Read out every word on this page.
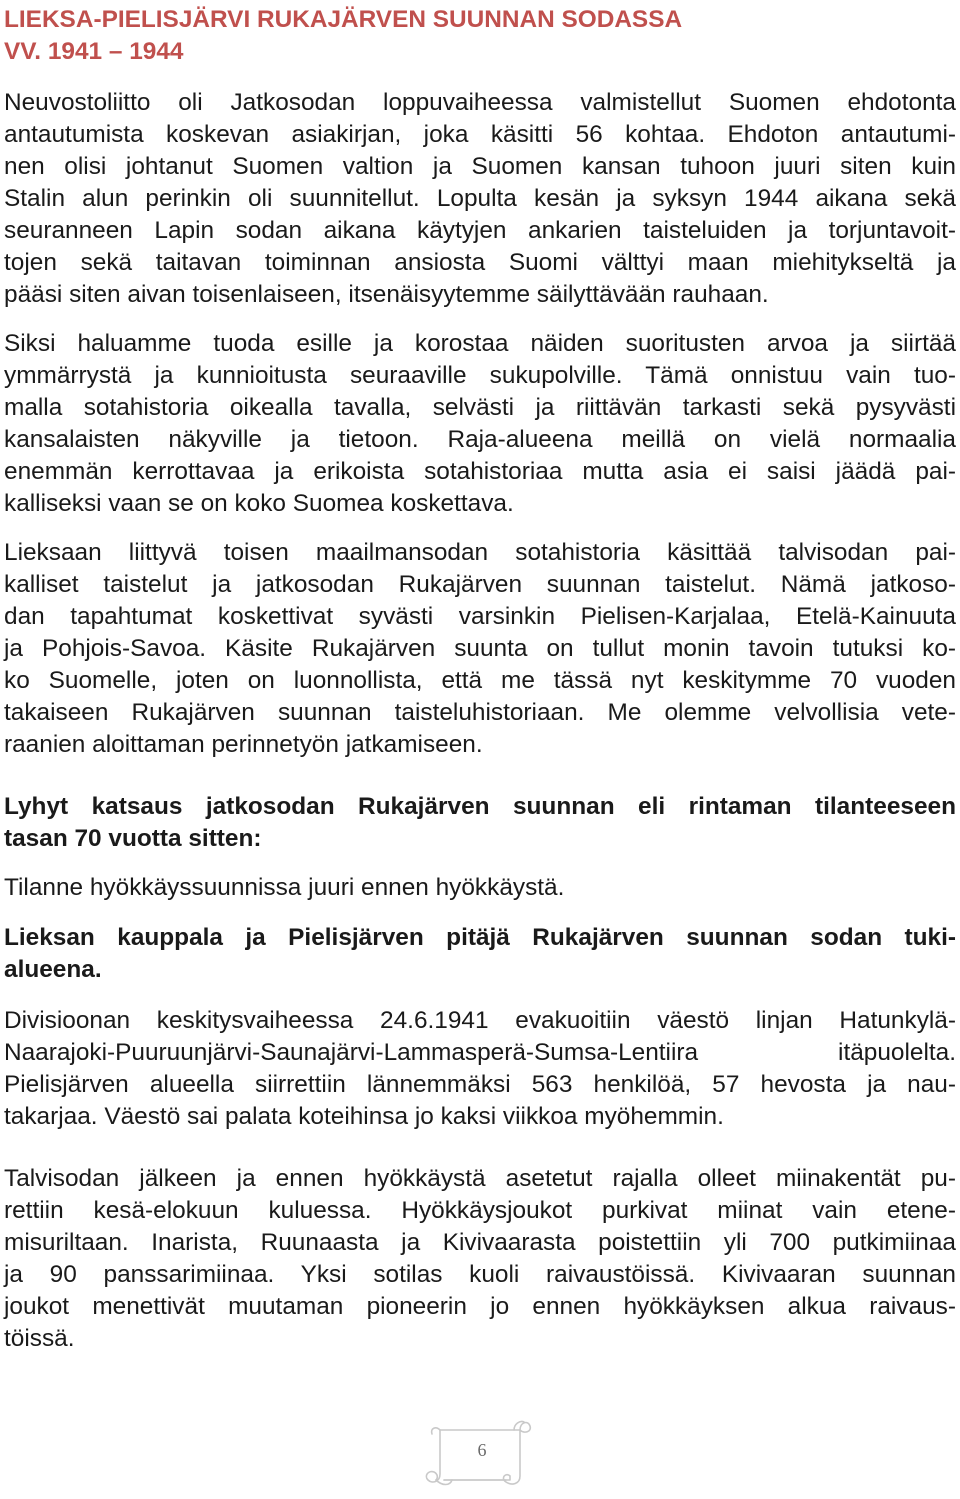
LIEKSA-PIELISJÄRVI RUKAJÄRVEN SUUNNAN SODASSA
VV. 1941 – 1944
Neuvostoliitto oli Jatkosodan loppuvaiheessa valmistellut Suomen ehdotonta
antautumista koskevan asiakirjan, joka käsitti 56 kohtaa. Ehdoton antautumi-
nen olisi johtanut Suomen valtion ja Suomen kansan tuhoon juuri siten kuin
Stalin alun perinkin oli suunnitellut. Lopulta kesän ja syksyn 1944 aikana sekä
seuranneen Lapin sodan aikana käytyjen ankarien taisteluiden ja torjuntavoit-
tojen sekä taitavan toiminnan ansiosta Suomi välttyi maan miehitykseltä ja
pääsi siten aivan toisenlaiseen, itsenäisyytemme säilyttävään rauhaan.
Siksi haluamme tuoda esille ja korostaa näiden suoritusten arvoa ja siirtää
ymmärrystä ja kunnioitusta seuraaville sukupolville. Tämä onnistuu vain tuo-
malla sotahistoria oikealla tavalla, selvästi ja riittävän tarkasti sekä pysyvästi
kansalaisten näkyville ja tietoon. Raja-alueena meillä on vielä normaalia
enemmän kerrottavaa ja erikoista sotahistoriaa mutta asia ei saisi jäädä pai-
kalliseksi vaan se on koko Suomea koskettava.
Lieksaan liittyvä toisen maailmansodan sotahistoria käsittää talvisodan pai-
kalliset taistelut ja jatkosodan Rukajärven suunnan taistelut. Nämä jatkoso-
dan tapahtumat koskettivat syvästi varsinkin Pielisen-Karjalaa, Etelä-Kainuuta
ja Pohjois-Savoa. Käsite Rukajärven suunta on tullut monin tavoin tutuksi ko-
ko Suomelle, joten on luonnollista, että me tässä nyt keskitymme 70 vuoden
takaiseen Rukajärven suunnan taisteluhistoriaan. Me olemme velvollisia vete-
raanien aloittaman perinnetyön jatkamiseen.
Lyhyt katsaus jatkosodan Rukajärven suunnan eli rintaman tilanteeseen
tasan 70 vuotta sitten:
Tilanne hyökkäyssuunnissa juuri ennen hyökkäystä.
Lieksan kauppala ja Pielisjärven pitäjä Rukajärven suunnan sodan tuki-
alueena.
Divisioonan keskitysvaiheessa 24.6.1941 evakuoitiin väestö linjan Hatunkylä-
Naarajoki-Puuruunjärvi-Saunajärvi-Lammasperä-Sumsa-Lentiira itäpuolelta.
Pielisjärven alueella siirrettiin lännemmäksi 563 henkilöä, 57 hevosta ja nau-
takarjaa. Väestö sai palata koteihinsa jo kaksi viikkoa myöhemmin.
Talvisodan jälkeen ja ennen hyökkäystä asetetut rajalla olleet miinakentät pu-
rettiin kesä-elokuun kuluessa. Hyökkäysjoukot purkivat miinat vain etene-
misuriltaan. Inarista, Ruunaasta ja Kivivaarasta poistettiin yli 700 putkimiinaa
ja 90 panssarimiinaa. Yksi sotilas kuoli raivaustöissä. Kivivaaran suunnan
joukot menettivät muutaman pioneerin jo ennen hyökkäyksen alkua raivaus-
töissä.
6
